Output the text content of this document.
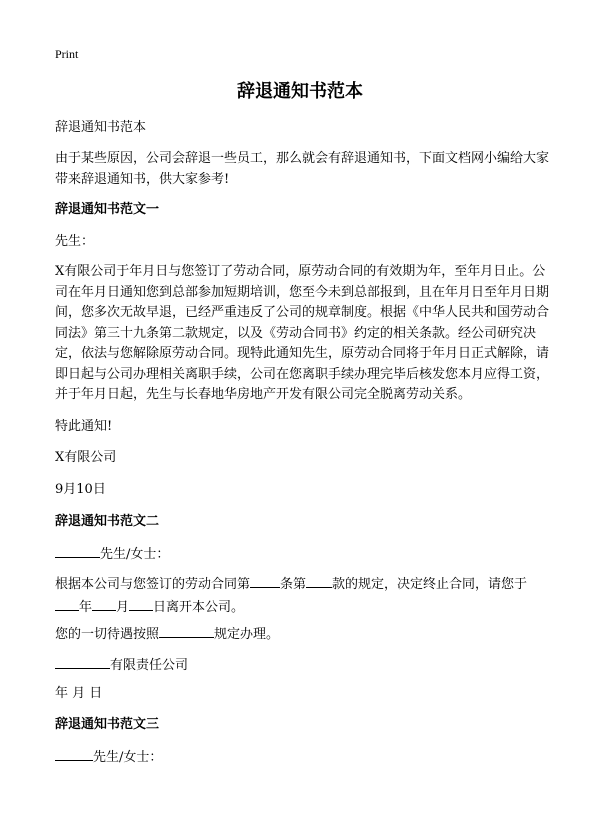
Print
辞退通知书范本
辞退通知书范本
由于某些原因，公司会辞退一些员工，那么就会有辞退通知书，下面文档网小编给大家带来辞退通知书，供大家参考!
辞退通知书范文一
先生：
X有限公司于年月日与您签订了劳动合同，原劳动合同的有效期为年，至年月日止。公司在年月日通知您到总部参加短期培训，您至今未到总部报到，且在年月日至年月日期间，您多次无故早退，已经严重违反了公司的规章制度。根据《中华人民共和国劳动合同法》第三十九条第二款规定，以及《劳动合同书》约定的相关条款。经公司研究决定，依法与您解除原劳动合同。现特此通知先生，原劳动合同将于年月日正式解除，请即日起与公司办理相关离职手续，公司在您离职手续办理完毕后核发您本月应得工资，并于年月日起，先生与长春地华房地产开发有限公司完全脱离劳动关系。
特此通知!
X有限公司
9月10日
辞退通知书范文二
先生/女士：
根据本公司与您签订的劳动合同第 条第 款的规定，决定终止合同，请您于
年 月 日离开本公司。
您的一切待遇按照	规定办理。
有限责任公司
年 月 日
辞退通知书范文三
先生/女士：
